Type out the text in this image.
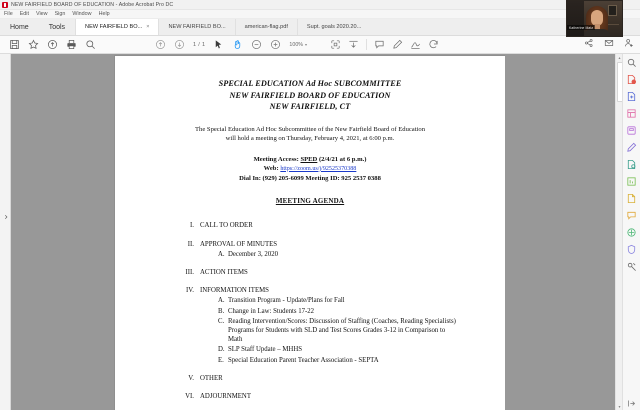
NEW FAIRFIELD BOARD OF EDUCATION - Adobe Acrobat Pro DC
File Edit View Sign Window Help
Home	Tools	NEW FAIRFIELD BO... ×	NEW FAIRFIELD BO...	american-flag.pdf	Supt. goals 2020.20...
1 / 1	100% ▾
SPECIAL EDUCATION Ad Hoc SUBCOMMITTEE
NEW FAIRFIELD BOARD OF EDUCATION
NEW FAIRFIELD, CT
The Special Education Ad Hoc Subcommittee of the New Fairfield Board of Education
will hold a meeting on Thursday, February 4, 2021, at 6:00 p.m.
Meeting Access: SPED (2/4/21 at 6 p.m.)
Web: https://zoom.us/j/92525370388
Dial In: (929) 205-6099 Meeting ID: 925 2537 0388
MEETING AGENDA
I. CALL TO ORDER
II. APPROVAL OF MINUTES
A. December 3, 2020
III. ACTION ITEMS
IV. INFORMATION ITEMS
A. Transition Program - Update/Plans for Fall
B. Change in Law: Students 17-22
C. Reading Intervention/Scores: Discussion of Staffing (Coaches, Reading Specialists) Programs for Students with SLD and Test Scores Grades 3-12 in Comparison to Math
D. SLP Staff Update – MHHS
E. Special Education Parent Teacher Association - SEPTA
V. OTHER
VI. ADJOURNMENT
▴
▾
Katherine Matz
